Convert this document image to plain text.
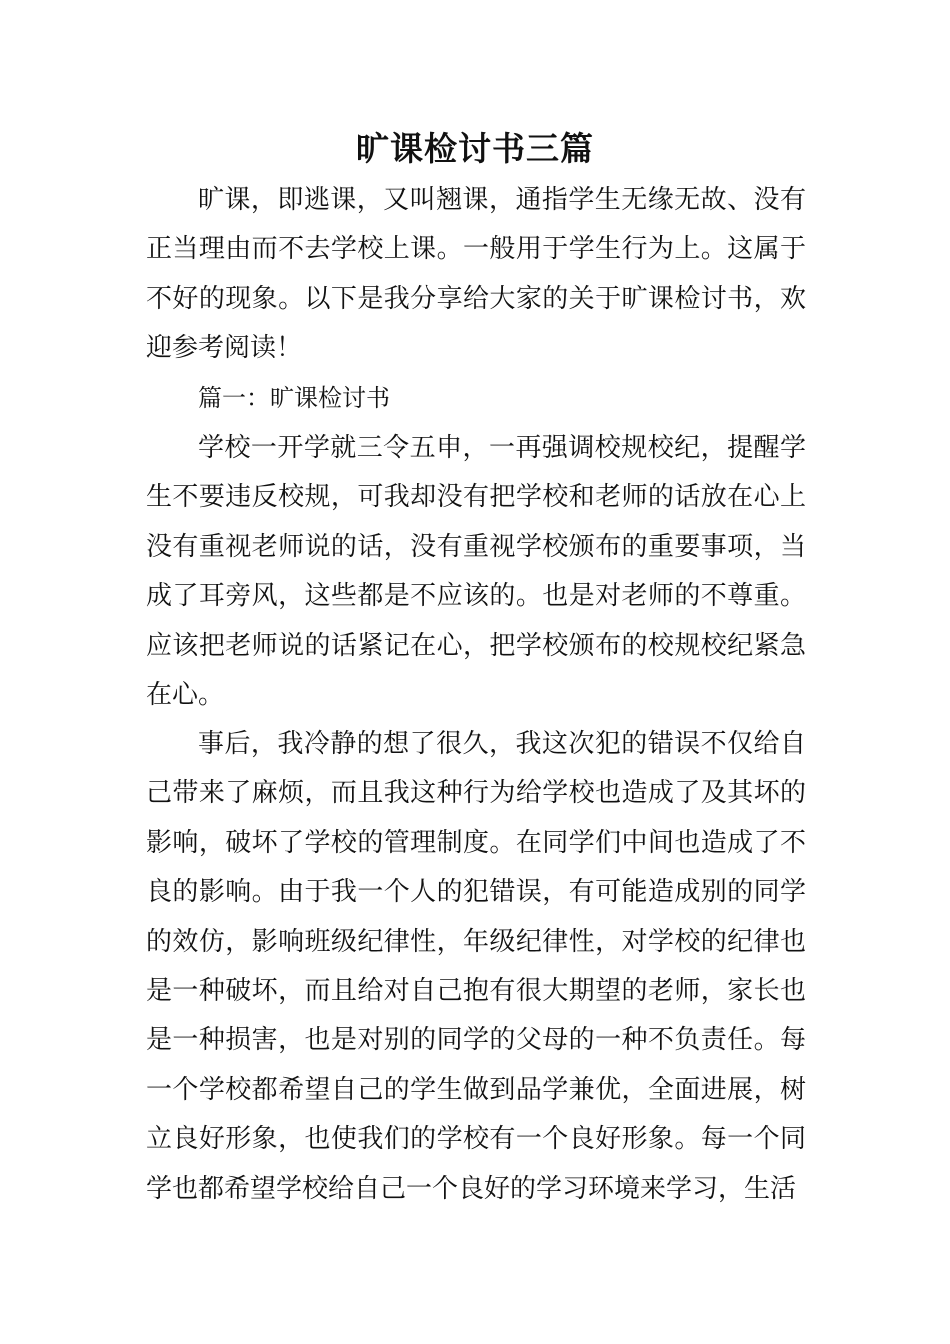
旷课检讨书三篇

旷课，即逃课，又叫翘课，通指学生无缘无故、没有正当理由而不去学校上课。一般用于学生行为上。这属于不好的现象。以下是我分享给大家的关于旷课检讨书，欢迎参考阅读！

篇一：旷课检讨书

学校一开学就三令五申，一再强调校规校纪，提醒学生不要违反校规，可我却没有把学校和老师的话放在心上没有重视老师说的话，没有重视学校颁布的重要事项，当成了耳旁风，这些都是不应该的。也是对老师的不尊重。应该把老师说的话紧记在心，把学校颁布的校规校纪紧急在心。

事后，我冷静的想了很久，我这次犯的错误不仅给自己带来了麻烦，而且我这种行为给学校也造成了及其坏的影响，破坏了学校的管理制度。在同学们中间也造成了不良的影响。由于我一个人的犯错误，有可能造成别的同学的效仿，影响班级纪律性，年级纪律性，对学校的纪律也是一种破坏，而且给对自己抱有很大期望的老师，家长也是一种损害，也是对别的同学的父母的一种不负责任。每一个学校都希望自己的学生做到品学兼优，全面进展，树立良好形象，也使我们的学校有一个良好形象。每一个同学也都希望学校给自己一个良好的学习环境来学习，生活
